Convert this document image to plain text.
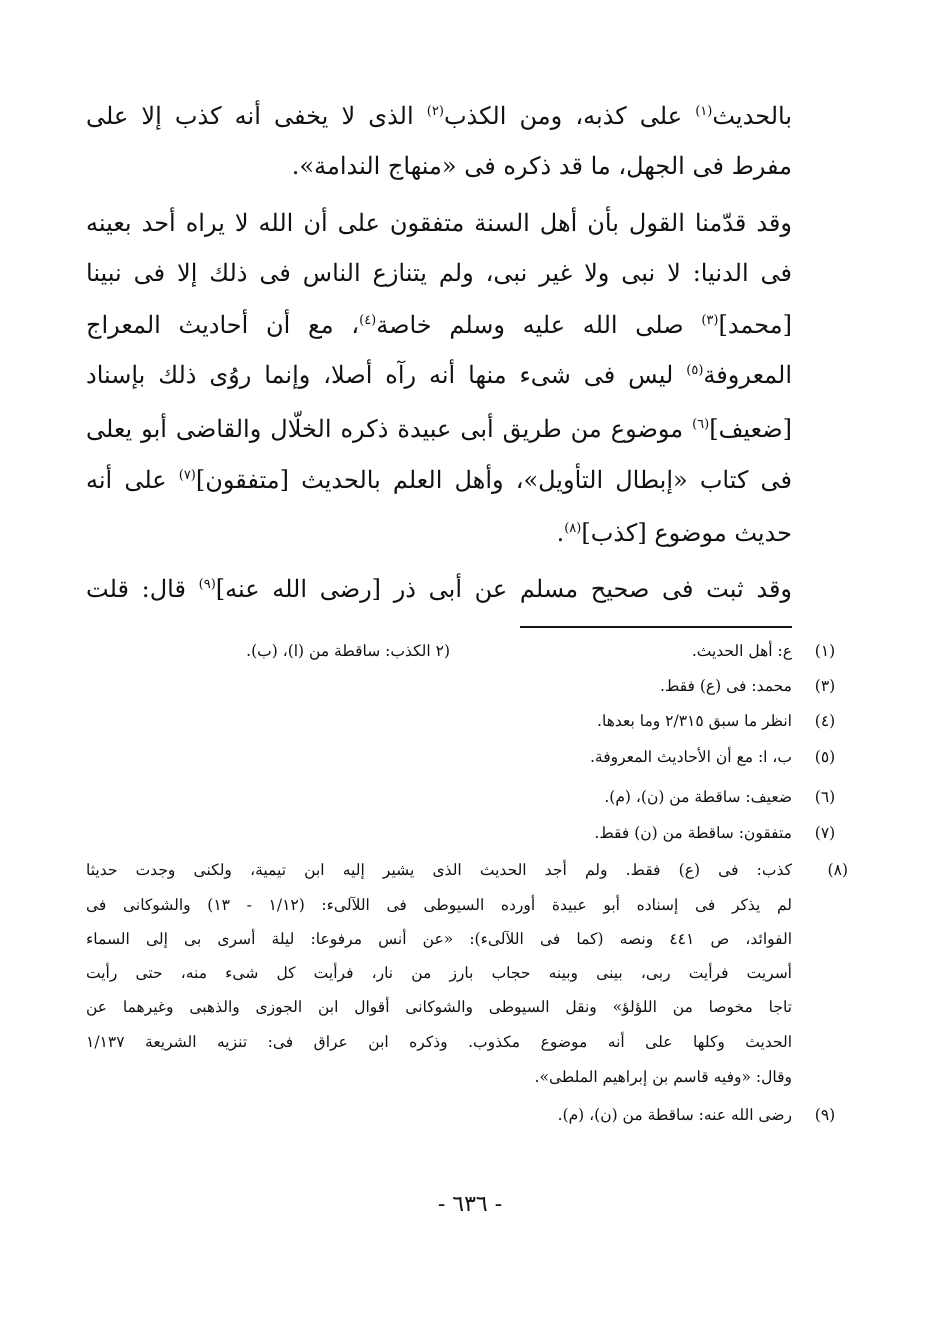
بالحديث$^{(١)}$ على كذبه، ومن الكذب$^{(٢)}$ الذى لا يخفى أنه كذب إلا على
مفرط فى الجهل، ما قد ذكره فى «منهاج الندامة».
وقد قدّمنا القول بأن أهل السنة متفقون على أن الله لا يراه أحد بعينه
فى الدنيا: لا نبى ولا غير نبى، ولم يتنازع الناس فى ذلك إلا فى نبينا
[محمد]$^{(٣)}$ صلى الله عليه وسلم خاصة$^{(٤)}$، مع أن أحاديث المعراج
المعروفة$^{(٥)}$ ليس فى شىء منها أنه رآه أصلا، وإنما روُى ذلك بإسناد
[ضعيف]$^{(٦)}$ موضوع من طريق أبى عبيدة ذكره الخلّال والقاضى أبو يعلى
فى كتاب «إبطال التأويل»، وأهل العلم بالحديث [متفقون]$^{(٧)}$ على أنه
حديث موضوع [كذب]$^{(٨)}$.
وقد ثبت فى صحيح مسلم عن أبى ذر [رضى الله عنه]$^{(٩)}$ قال: قلت
(١)
ع: أهل الحديث.
(٢ الكذب: ساقطة من (ا)، (ب).
(٣)
محمد: فى (ع) فقط.
(٤)
انظر ما سبق ٢/٣١٥ وما بعدها.
(٥)
ب، ا: مع أن الأحاديث المعروفة.
(٦)
ضعيف: ساقطة من (ن)، (م).
(٧)
متفقون: ساقطة من (ن) فقط.
(٨)
كذب: فى (ع) فقط. ولم أجد الحديث الذى يشير إليه ابن تيمية، ولكنى وجدت حديثا
لم يذكر فى إسناده أبو عبيدة أورده السيوطى فى اللآلىء: (١/١٢ - ١٣) والشوكانى فى
الفوائد، ص ٤٤١ ونصه (كما فى اللآلىء): «عن أنس مرفوعا: ليلة أسرى بى إلى السماء
أسريت فرأيت ربى، بينى وبينه حجاب بارز من نار، فرأيت كل شىء منه، حتى رأيت
تاجا مخوصا من اللؤلؤ» ونقل السيوطى والشوكانى أقوال ابن الجوزى والذهبى وغيرهما عن
الحديث وكلها على أنه موضوع مكذوب. وذكره ابن عراق فى: تنزيه الشريعة ١/١٣٧
وقال: «وفيه قاسم بن إبراهيم الملطى».
(٩)
رضى الله عنه: ساقطة من (ن)، (م).
- ٦٣٦ -
